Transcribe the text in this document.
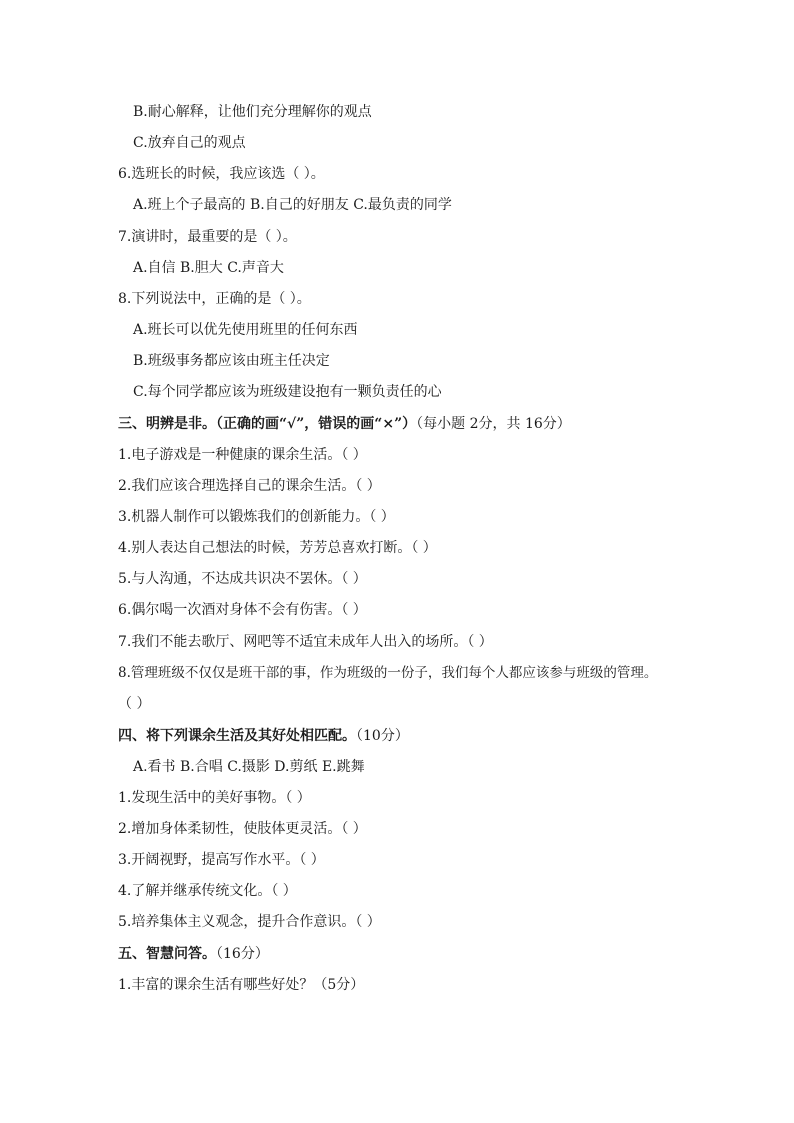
B.耐心解释，让他们充分理解你的观点
C.放弃自己的观点
6.选班长的时候，我应该选（ ）。
A.班上个子最高的 B.自己的好朋友 C.最负责的同学
7.演讲时，最重要的是（ ）。
A.自信 B.胆大 C.声音大
8.下列说法中，正确的是（ ）。
A.班长可以优先使用班里的任何东西
B.班级事务都应该由班主任决定
C.每个同学都应该为班级建设抱有一颗负责任的心
三、明辨是非。（正确的画“√”，错误的画“×”）（每小题 2分，共 16分）
1.电子游戏是一种健康的课余生活。（ ）
2.我们应该合理选择自己的课余生活。（ ）
3.机器人制作可以锻炼我们的创新能力。（ ）
4.别人表达自己想法的时候，芳芳总喜欢打断。（ ）
5.与人沟通，不达成共识决不罢休。（ ）
6.偶尔喝一次酒对身体不会有伤害。（ ）
7.我们不能去歌厅、网吧等不适宜未成年人出入的场所。（ ）
8.管理班级不仅仅是班干部的事，作为班级的一份子，我们每个人都应该参与班级的管理。
（ ）
四、将下列课余生活及其好处相匹配。（10分）
A.看书 B.合唱 C.摄影 D.剪纸 E.跳舞
1.发现生活中的美好事物。（ ）
2.增加身体柔韧性，使肢体更灵活。（ ）
3.开阔视野，提高写作水平。（ ）
4.了解并继承传统文化。（ ）
5.培养集体主义观念，提升合作意识。（ ）
五、智慧问答。（16分）
1.丰富的课余生活有哪些好处？（5分）
